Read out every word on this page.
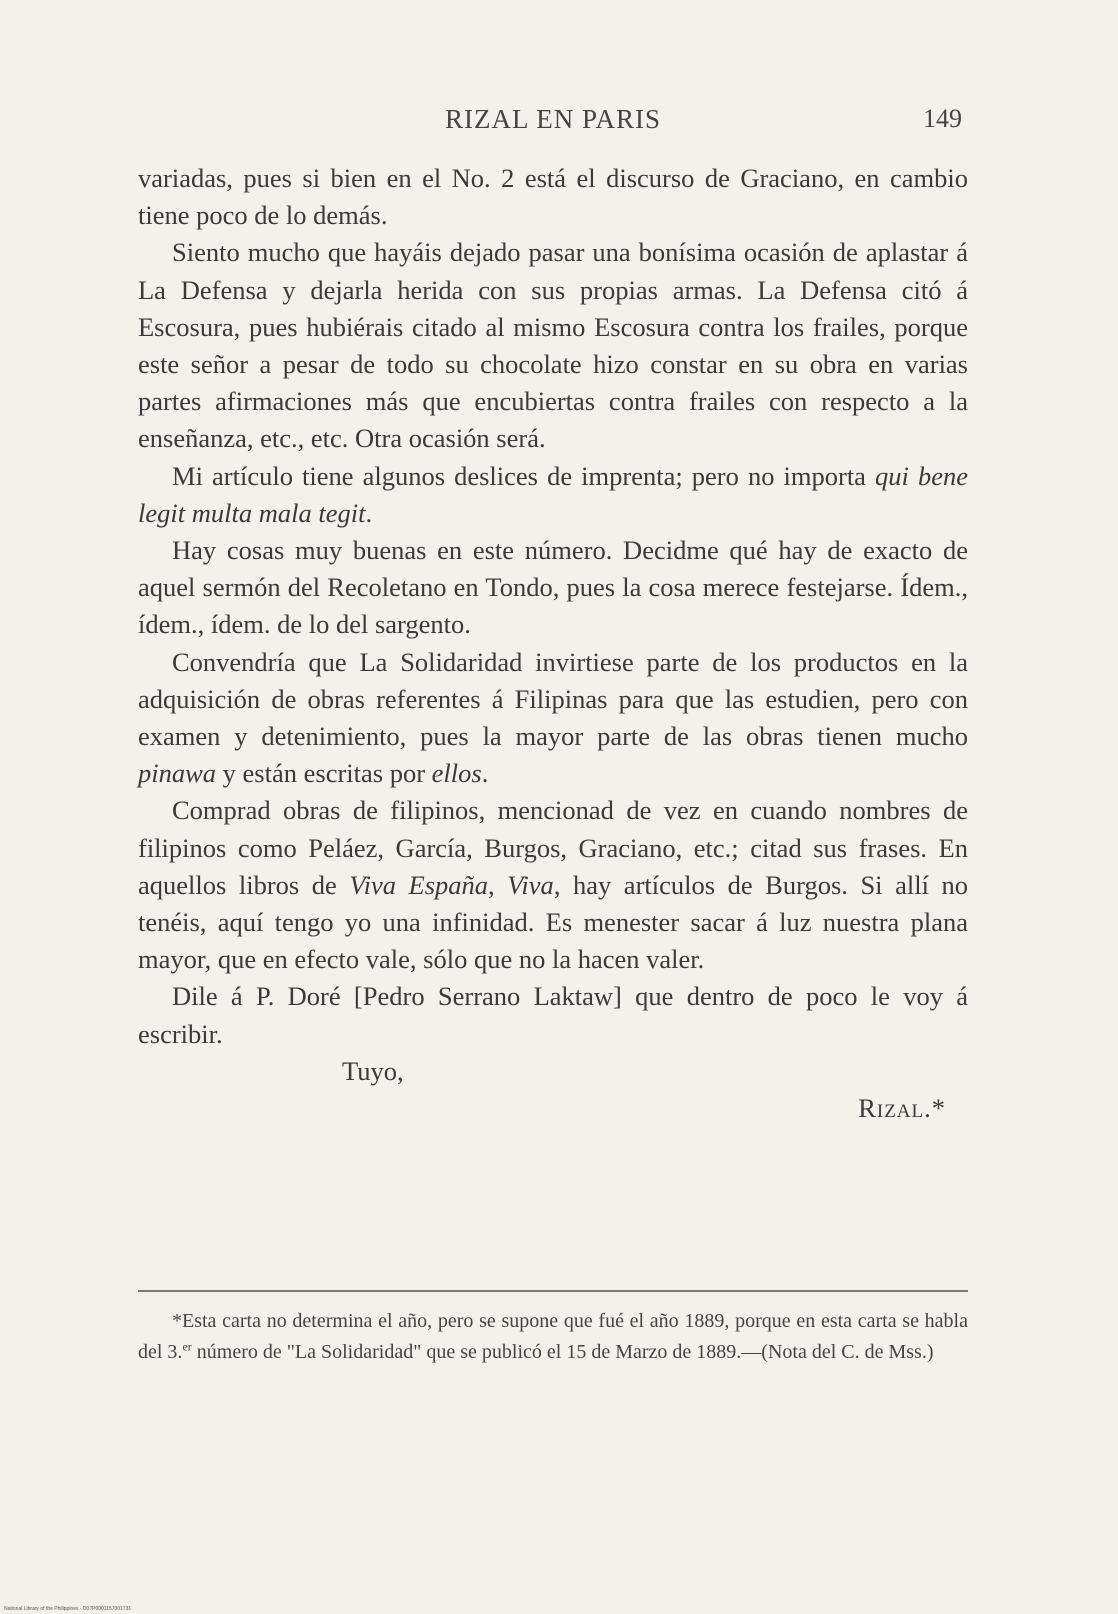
RIZAL EN PARIS	149

variadas, pues si bien en el No. 2 está el discurso de Graciano, en cambio tiene poco de lo demás.

Siento mucho que hayáis dejado pasar una bonísima ocasión de aplastar á La Defensa y dejarla herida con sus propias armas. La Defensa citó á Escosura, pues hubiérais citado al mismo Escosura contra los frailes, porque este señor a pesar de todo su chocolate hizo constar en su obra en varias partes afirmaciones más que encubiertas contra frailes con respecto a la enseñanza, etc., etc. Otra ocasión será.

Mi artículo tiene algunos deslices de imprenta; pero no importa qui bene legit multa mala tegit.

Hay cosas muy buenas en este número. Decidme qué hay de exacto de aquel sermón del Recoletano en Tondo, pues la cosa merece festejarse. Ídem., ídem., ídem. de lo del sargento.

Convendría que La Solidaridad invirtiese parte de los productos en la adquisición de obras referentes á Filipinas para que las estudien, pero con examen y detenimiento, pues la mayor parte de las obras tienen mucho pinawa y están escritas por ellos.

Comprad obras de filipinos, mencionad de vez en cuando nombres de filipinos como Peláez, García, Burgos, Graciano, etc.; citad sus frases. En aquellos libros de Viva España, Viva, hay artículos de Burgos. Si allí no tenéis, aquí tengo yo una infinidad. Es menester sacar á luz nuestra plana mayor, que en efecto vale, sólo que no la hacen valer.

Dile á P. Doré [Pedro Serrano Laktaw] que dentro de poco le voy á escribir.

Tuyo,

Rizal.*

*Esta carta no determina el año, pero se supone que fué el año 1889, porque en esta carta se habla del 3.$^{er}$ número de "La Solidaridad" que se publicó el 15 de Marzo de 1889.—(Nota del C. de Mss.)

National Library of the Philippines · D07P0001157001731
